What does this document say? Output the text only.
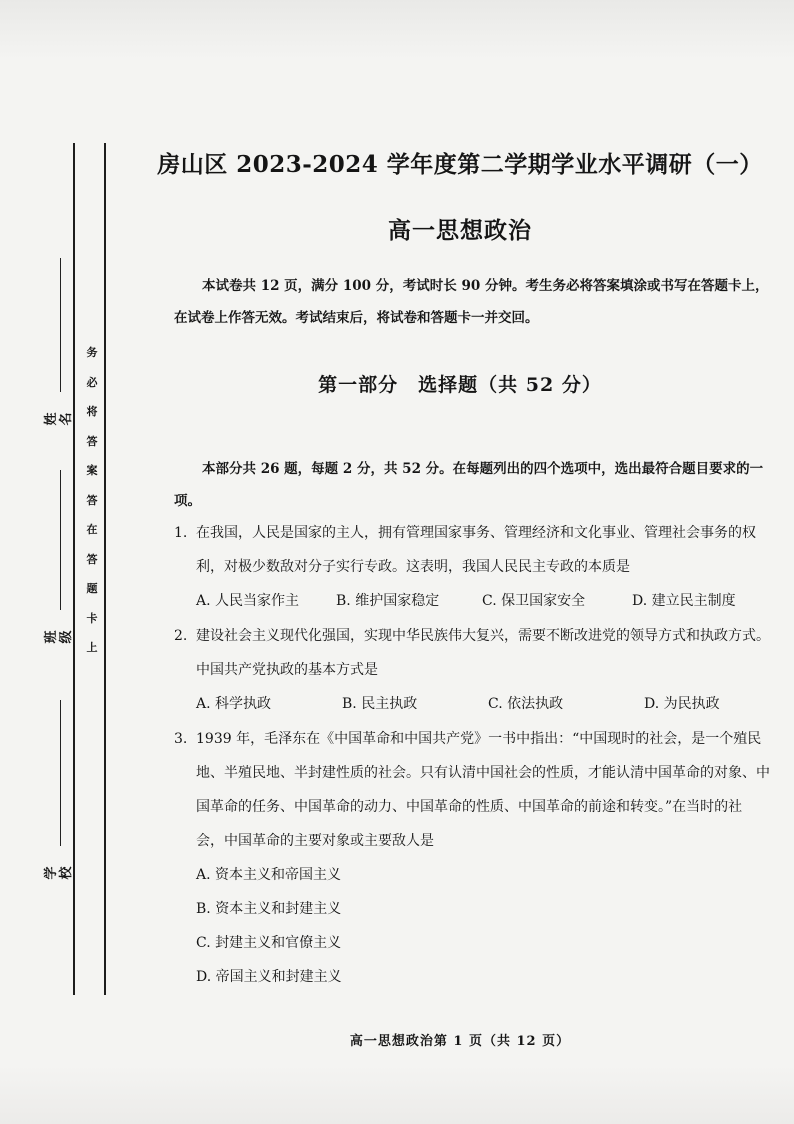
务
必
将
答
案
答
在
答
题
卡
上
姓名
班级
学校
房山区 2023-2024 学年度第二学期学业水平调研（一）
高一思想政治

本试卷共 12 页，满分 100 分，考试时长 90 分钟。考生务必将答案填涂或书写在答题卡上，在试卷上作答无效。考试结束后，将试卷和答题卡一并交回。

第一部分　选择题（共 52 分）

本部分共 26 题，每题 2 分，共 52 分。在每题列出的四个选项中，选出最符合题目要求的一项。

1. 在我国，人民是国家的主人，拥有管理国家事务、管理经济和文化事业、管理社会事务的权利，对极少数敌对分子实行专政。这表明，我国人民民主专政的本质是
A. 人民当家作主	B. 维护国家稳定	C. 保卫国家安全	D. 建立民主制度
2. 建设社会主义现代化强国，实现中华民族伟大复兴，需要不断改进党的领导方式和执政方式。中国共产党执政的基本方式是
A. 科学执政	B. 民主执政	C. 依法执政	D. 为民执政
3. 1939 年，毛泽东在《中国革命和中国共产党》一书中指出：“中国现时的社会，是一个殖民地、半殖民地、半封建性质的社会。只有认清中国社会的性质，才能认清中国革命的对象、中国革命的任务、中国革命的动力、中国革命的性质、中国革命的前途和转变。”在当时的社会，中国革命的主要对象或主要敌人是
A. 资本主义和帝国主义
B. 资本主义和封建主义
C. 封建主义和官僚主义
D. 帝国主义和封建主义
高一思想政治第 1 页（共 12 页）
